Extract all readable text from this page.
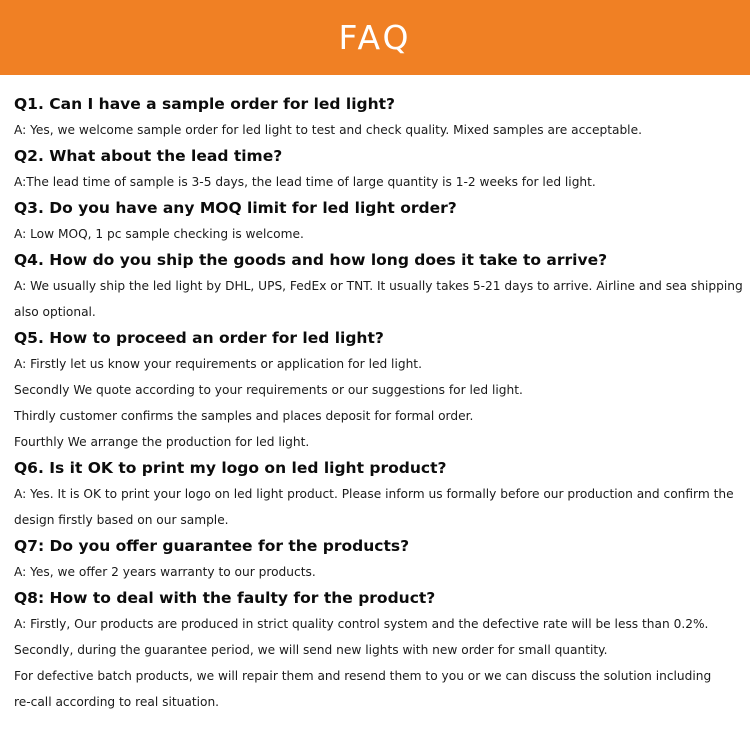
FAQ
Q1. Can I have a sample order for led light?
A: Yes, we welcome sample order for led light to test and check quality. Mixed samples are acceptable.
Q2. What about the lead time?
A:The lead time of sample is 3-5 days, the lead time of large quantity is 1-2 weeks for led light.
Q3. Do you have any MOQ limit for led light order?
A: Low MOQ, 1 pc sample checking is welcome.
Q4. How do you ship the goods and how long does it take to arrive?
A: We usually ship the led light by DHL, UPS, FedEx or TNT. It usually takes 5-21 days to arrive. Airline and sea shipping
also optional.
Q5. How to proceed an order for led light?
A: Firstly let us know your requirements or application for led light.
Secondly We quote according to your requirements or our suggestions for led light.
Thirdly customer confirms the samples and places deposit for formal order.
Fourthly We arrange the production for led light.
Q6. Is it OK to print my logo on led light product?
A: Yes. It is OK to print your logo on led light product. Please inform us formally before our production and confirm the
design firstly based on our sample.
Q7: Do you offer guarantee for the products?
A: Yes, we offer 2 years warranty to our products.
Q8: How to deal with the faulty for the product?
A: Firstly, Our products are produced in strict quality control system and the defective rate will be less than 0.2%.
Secondly, during the guarantee period, we will send new lights with new order for small quantity.
For defective batch products, we will repair them and resend them to you or we can discuss the solution including
re-call according to real situation.
